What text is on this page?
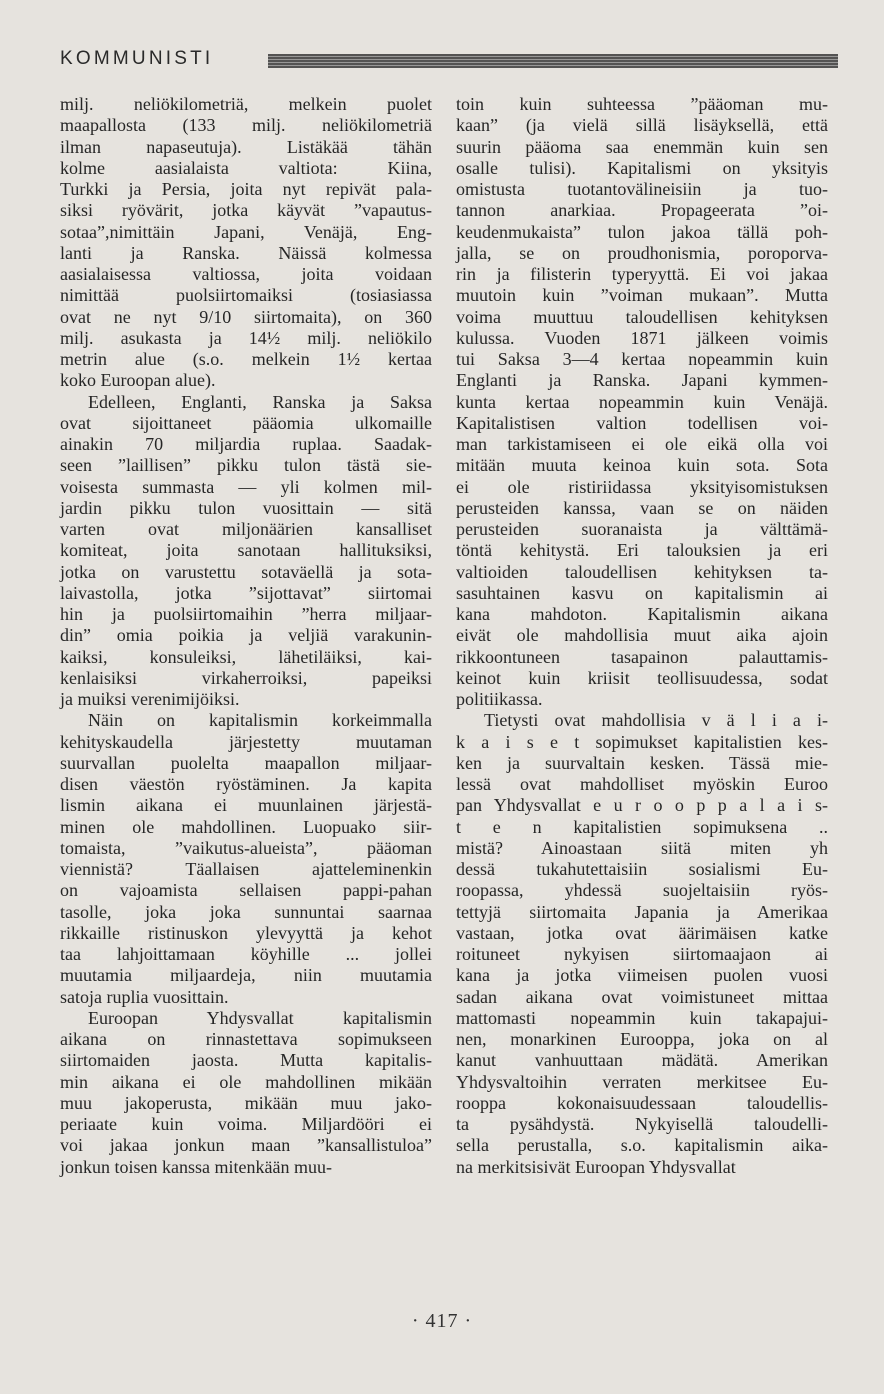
KOMMUNISTI
milj. neliökilometriä, melkein puolet
maapallosta (133 milj. neliökilometriä
ilman napaseutuja). Listäkää tähän
kolme aasialaista valtiota: Kiina,
Turkki ja Persia, joita nyt repivät pala-
siksi ryövärit, jotka käyvät ”vapautus-
sotaa”,nimittäin Japani, Venäjä, Eng-
lanti ja Ranska. Näissä kolmessa
aasialaisessa valtiossa, joita voidaan
nimittää puolsiirtomaiksi (tosiasiassa
ovat ne nyt 9/10 siirtomaita), on 360
milj. asukasta ja 14½ milj. neliökilo
metrin alue (s.o. melkein 1½ kertaa
koko Euroopan alue).
Edelleen, Englanti, Ranska ja Saksa
ovat sijoittaneet pääomia ulkomaille
ainakin 70 miljardia ruplaa. Saadak-
seen ”laillisen” pikku tulon tästä sie-
voisesta summasta — yli kolmen mil-
jardin pikku tulon vuosittain — sitä
varten ovat miljonäärien kansalliset
komiteat, joita sanotaan hallituksiksi,
jotka on varustettu sotaväellä ja sota-
laivastolla, jotka ”sijottavat” siirtomai
hin ja puolsiirtomaihin ”herra miljaar-
din” omia poikia ja veljiä varakunin-
kaiksi, konsuleiksi, lähetiläiksi, kai-
kenlaisiksi virkaherroiksi, papeiksi
ja muiksi verenimijöiksi.
Näin on kapitalismin korkeimmalla
kehityskaudella järjestetty muutaman
suurvallan puolelta maapallon miljaar-
disen väestön ryöstäminen. Ja kapita
lismin aikana ei muunlainen järjestä-
minen ole mahdollinen. Luopuako siir-
tomaista, ”vaikutus-alueista”, pääoman
viennistä? Täallaisen ajatteleminenkin
on vajoamista sellaisen pappi-pahan
tasolle, joka joka sunnuntai saarnaa
rikkaille ristinuskon ylevyyttä ja kehot
taa lahjoittamaan köyhille ... jollei
muutamia miljaardeja, niin muutamia
satoja ruplia vuosittain.
Euroopan Yhdysvallat kapitalismin
aikana on rinnastettava sopimukseen
siirtomaiden jaosta. Mutta kapitalis-
min aikana ei ole mahdollinen mikään
muu jakoperusta, mikään muu jako-
periaate kuin voima. Miljardööri ei
voi jakaa jonkun maan ”kansallistuloa”
jonkun toisen kanssa mitenkään muu-
toin kuin suhteessa ”pääoman mu-
kaan” (ja vielä sillä lisäyksellä, että
suurin pääoma saa enemmän kuin sen
osalle tulisi). Kapitalismi on yksityis
omistusta tuotantovälineisiin ja tuo-
tannon anarkiaa. Propageerata ”oi-
keudenmukaista” tulon jakoa tällä poh-
jalla, se on proudhonismia, poroporva-
rin ja filisterin typeryyttä. Ei voi jakaa
muutoin kuin ”voiman mukaan”. Mutta
voima muuttuu taloudellisen kehityksen
kulussa. Vuoden 1871 jälkeen voimis
tui Saksa 3—4 kertaa nopeammin kuin
Englanti ja Ranska. Japani kymmen-
kunta kertaa nopeammin kuin Venäjä.
Kapitalistisen valtion todellisen voi-
man tarkistamiseen ei ole eikä olla voi
mitään muuta keinoa kuin sota. Sota
ei ole ristiriidassa yksityisomistuksen
perusteiden kanssa, vaan se on näiden
perusteiden suoranaista ja välttämä-
töntä kehitystä. Eri talouksien ja eri
valtioiden taloudellisen kehityksen ta-
sasuhtainen kasvu on kapitalismin ai
kana mahdoton. Kapitalismin aikana
eivät ole mahdollisia muut aika ajoin
rikkoontuneen tasapainon palauttamis-
keinot kuin kriisit teollisuudessa, sodat
politiikassa.
Tietysti ovat mahdollisia v ä l i a i-
k a i s e t sopimukset kapitalistien kes-
ken ja suurvaltain kesken. Tässä mie-
lessä ovat mahdolliset myöskin Euroo
pan Yhdysvallat e u r o o p p a l a i s-
t e n kapitalistien sopimuksena ..
mistä? Ainoastaan siitä miten yh
dessä tukahutettaisiin sosialismi Eu-
roopassa, yhdessä suojeltaisiin ryös-
tettyjä siirtomaita Japania ja Amerikaa
vastaan, jotka ovat äärimäisen katke
roituneet nykyisen siirtomaajaon ai
kana ja jotka viimeisen puolen vuosi
sadan aikana ovat voimistuneet mittaa
mattomasti nopeammin kuin takapajui-
nen, monarkinen Eurooppa, joka on al
kanut vanhuuttaan mädätä. Amerikan
Yhdysvaltoihin verraten merkitsee Eu-
rooppa kokonaisuudessaan taloudellis-
ta pysähdystä. Nykyisellä taloudelli-
sella perustalla, s.o. kapitalismin aika-
na merkitsisivät Euroopan Yhdysvallat
· 417 ·
